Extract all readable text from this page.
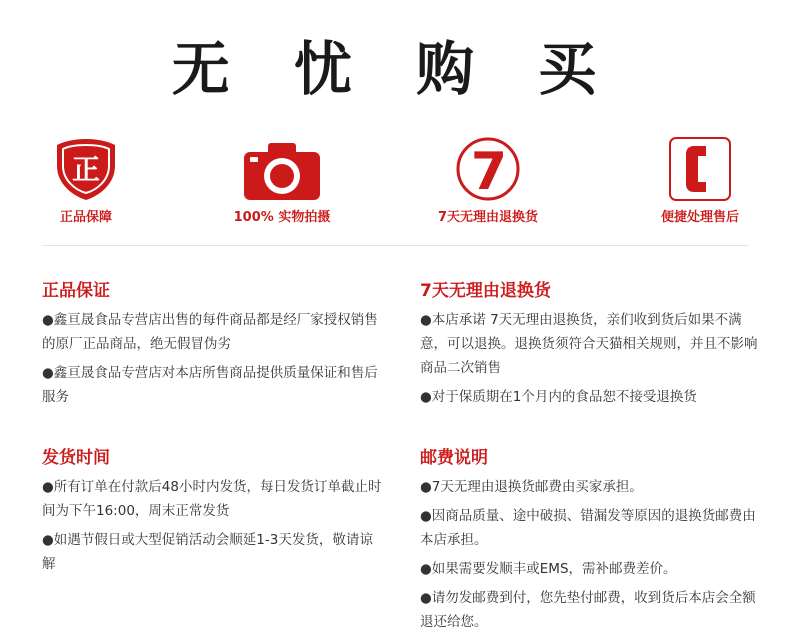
无 忧 购 买
正
正品保障	100% 实物拍摄
7
7天无理由退换货	便捷处理售后
正品保证

●鑫亘晟食品专营店出售的每件商品都是经厂家授权销售的原厂正品商品，绝无假冒伪劣

●鑫亘晟食品专营店对本店所售商品提供质量保证和售后服务

7天无理由退换货

●本店承诺 7天无理由退换货，亲们收到货后如果不满意，可以退换。退换货须符合天猫相关规则，并且不影响商品二次销售

●对于保质期在1个月内的食品恕不接受退换货

发货时间

●所有订单在付款后48小时内发货，每日发货订单截止时间为下午16:00，周末正常发货

●如遇节假日或大型促销活动会顺延1-3天发货，敬请谅解

邮费说明

●7天无理由退换货邮费由买家承担。

●因商品质量、途中破损、错漏发等原因的退换货邮费由本店承担。

●如果需要发顺丰或EMS，需补邮费差价。

●请勿发邮费到付，您先垫付邮费，收到货后本店会全额退还给您。
